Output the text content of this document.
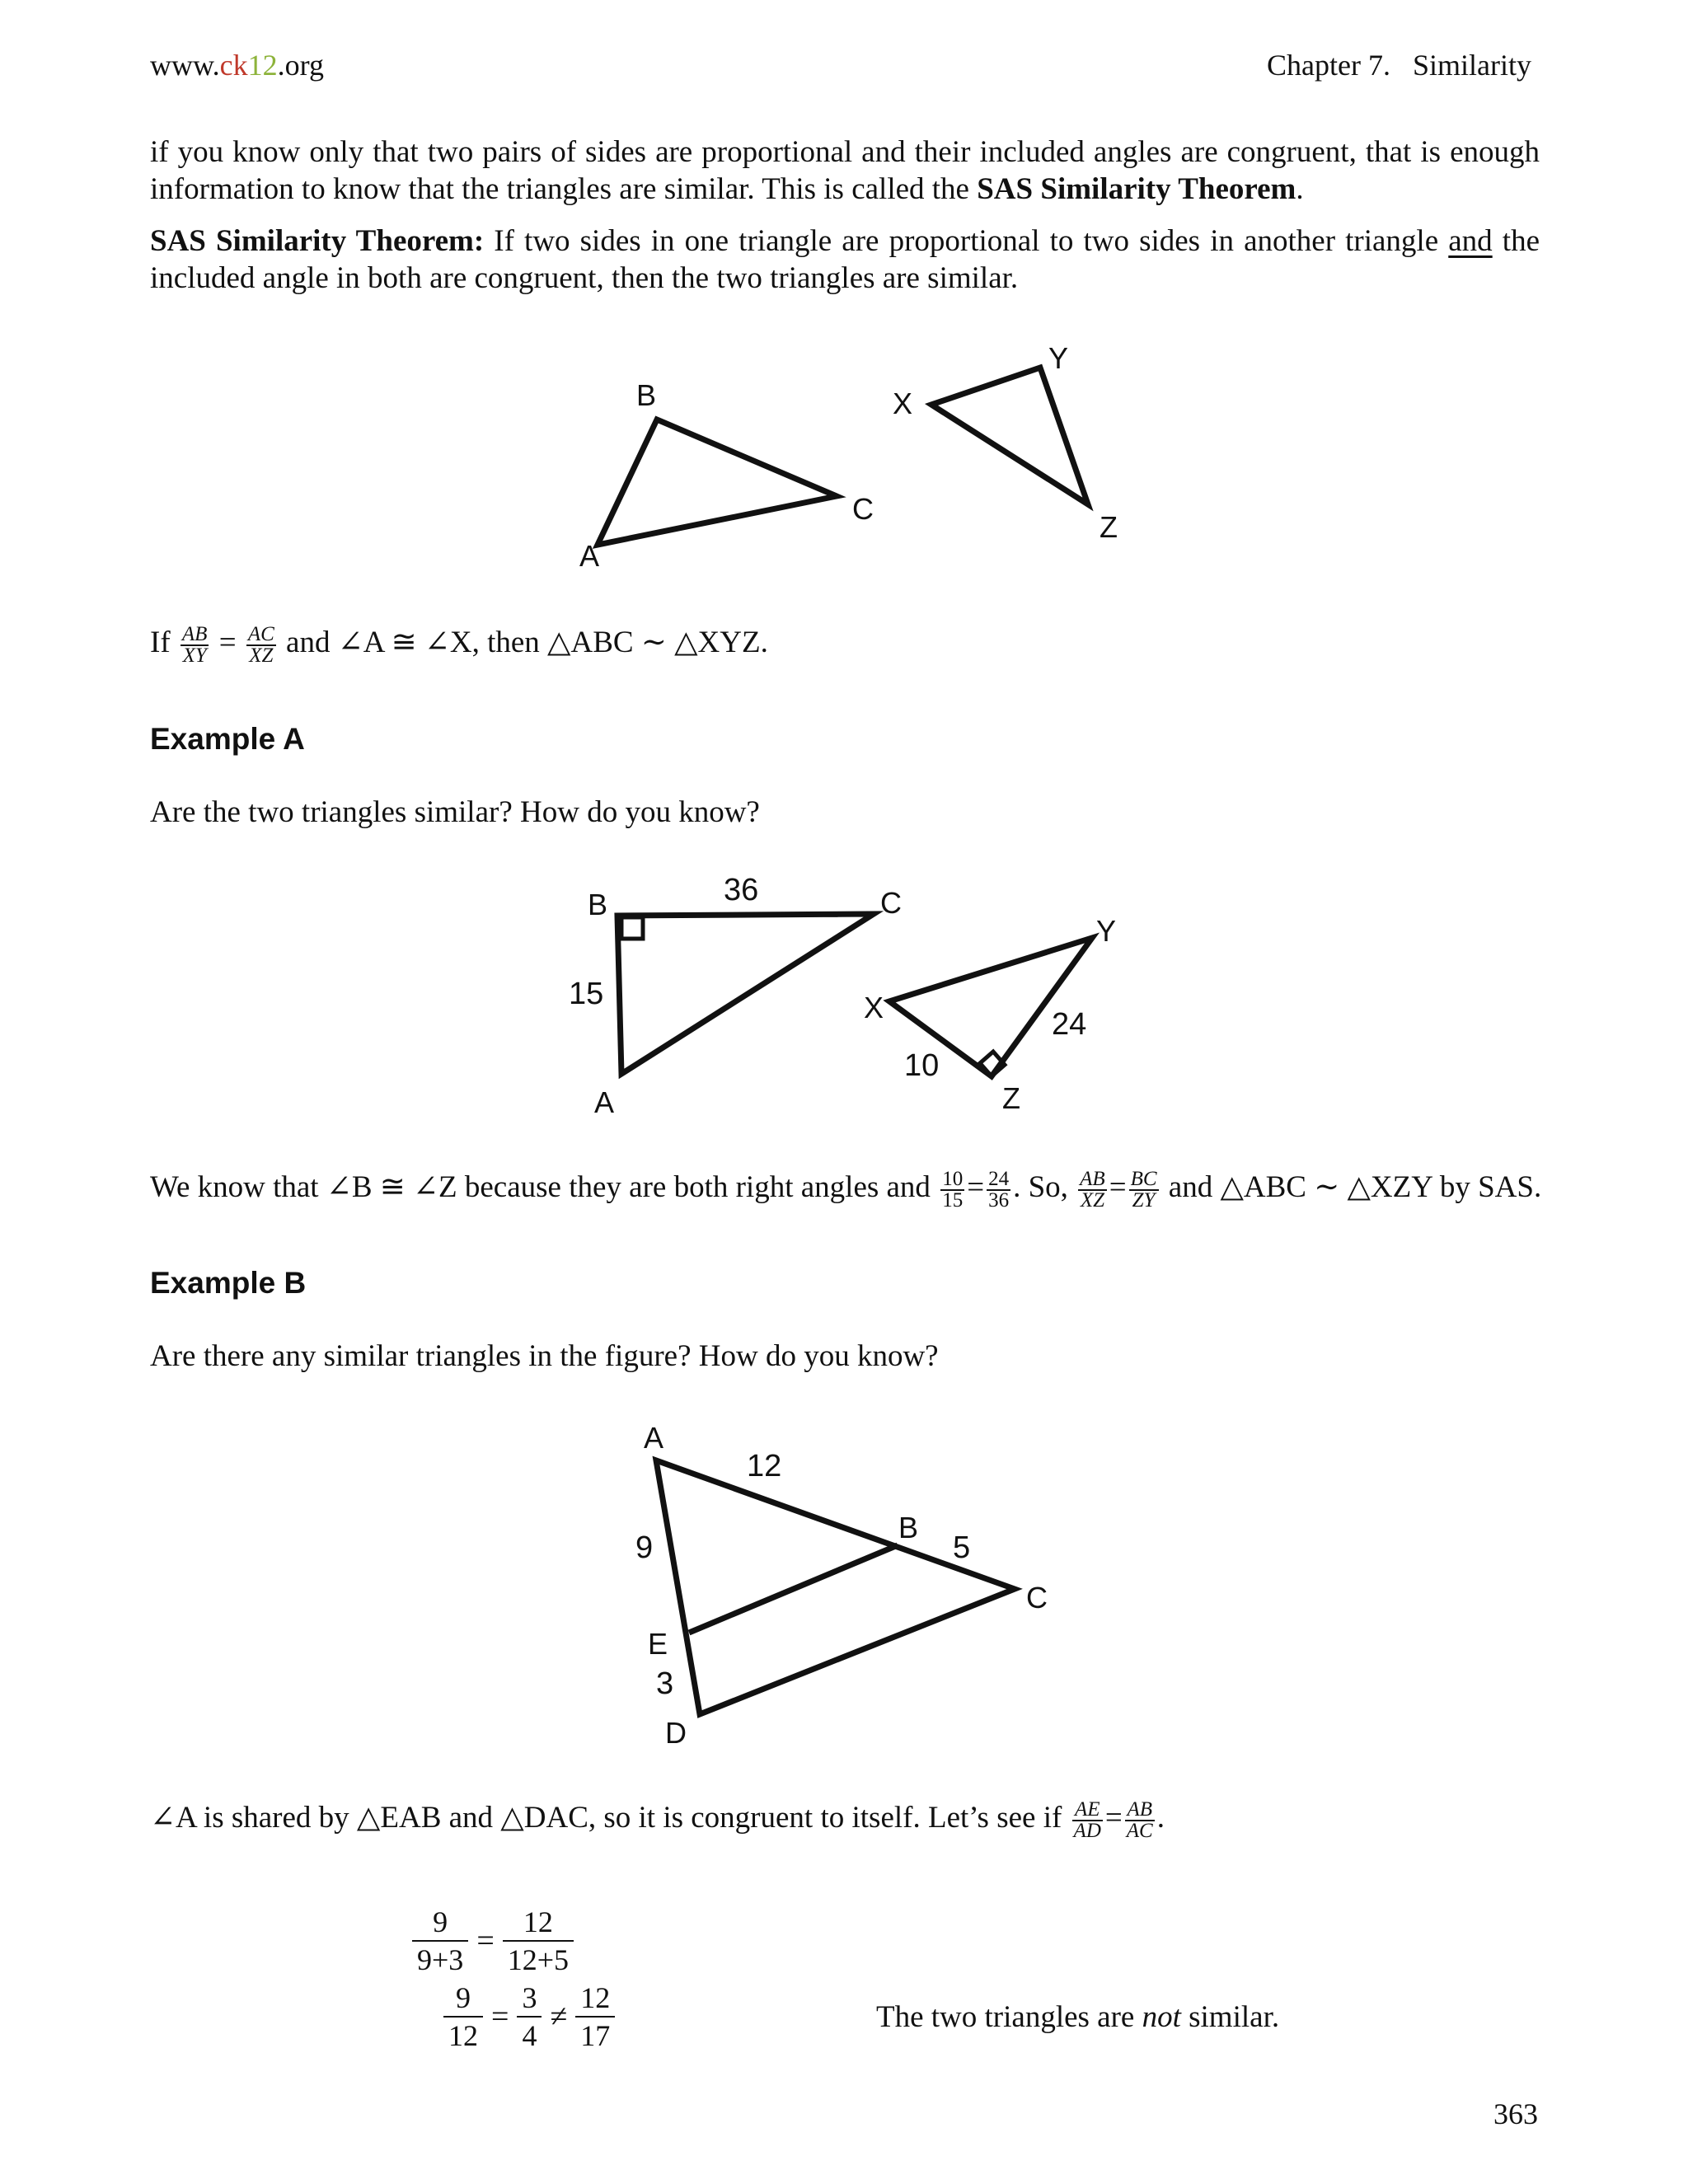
www.ck12.org	Chapter 7.   Similarity
if you know only that two pairs of sides are proportional and their included angles are congruent, that is enough information to know that the triangles are similar. This is called the SAS Similarity Theorem.
SAS Similarity Theorem: If two sides in one triangle are proportional to two sides in another triangle and the included angle in both are congruent, then the two triangles are similar.
A
B
C
X
Y
Z
B	36	C
15
A
Y
X	24
10
Z
A
12
B
5
C
9
E
3
D
If $\frac{AB}{XY} = \frac{AC}{XZ}$ and ∠A ≅ ∠X, then △ABC ∼ △XYZ.
Example A
Are the two triangles similar? How do you know?
We know that ∠B ≅ ∠Z because they are both right angles and $\frac{10}{15} = \frac{24}{36}$ . So, $\frac{AB}{XZ} = \frac{BC}{ZY}$ and △ABC ∼ △XZY by SAS.
Example B
Are there any similar triangles in the figure? How do you know?
∠A is shared by △EAB and △DAC, so it is congruent to itself. Let’s see if $\frac{AE}{AD} = \frac{AB}{AC}$ .
$\frac{9}{9+3} = \frac{12}{12+5}$
$\frac{9}{12} = \frac{3}{4} \ne \frac{12}{17}$	The two triangles are not similar.
363
